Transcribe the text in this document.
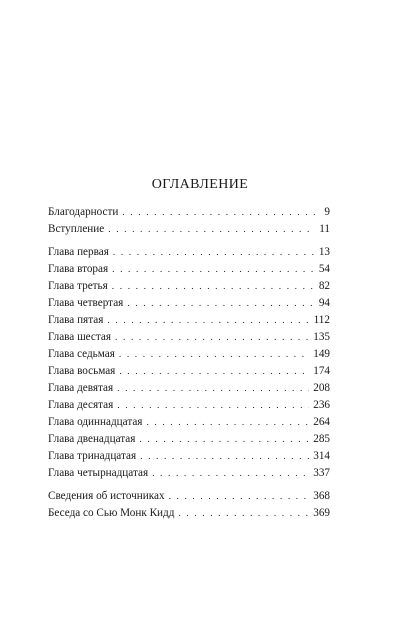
ОГЛАВЛЕНИЕ
Благодарности . . .	9
Вступление . . .	11
Глава первая . . .	13
Глава вторая . . .	54
Глава третья . . .	82
Глава четвертая . . .	94
Глава пятая . . .	112
Глава шестая . . .	135
Глава седьмая . . .	149
Глава восьмая . . .	174
Глава девятая . . .	208
Глава десятая . . .	236
Глава одиннадцатая . . .	264
Глава двенадцатая . . .	285
Глава тринадцатая . . .	314
Глава четырнадцатая . . .	337
Сведения об источниках . . .	368
Беседа со Сью Монк Кидд . . .	369
